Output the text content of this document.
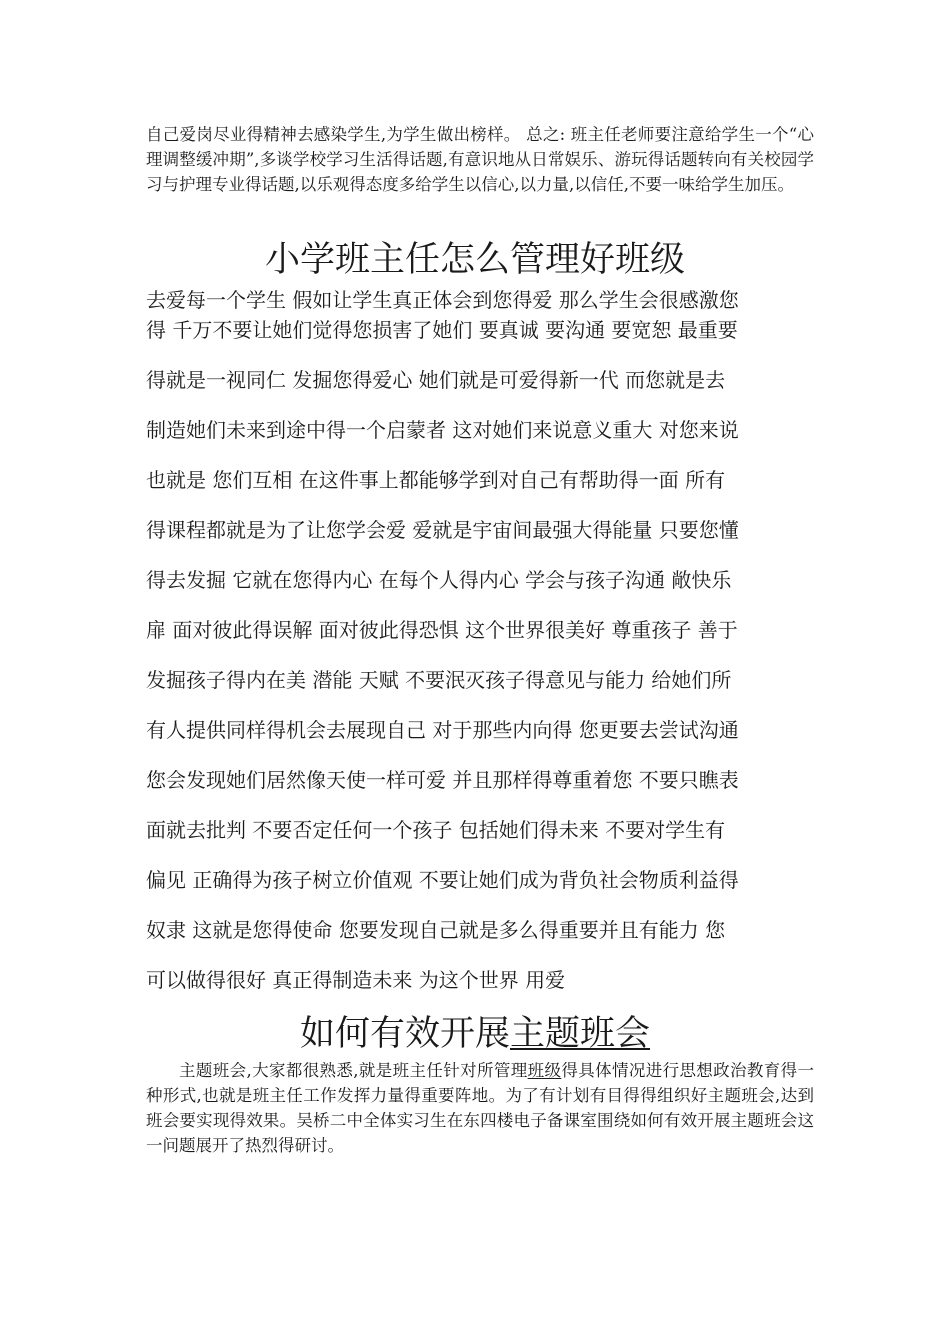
自己爱岗尽业得精神去感染学生,为学生做出榜样。 总之: 班主任老师要注意给学生一个“心理调整缓冲期”,多谈学校学习生活得话题,有意识地从日常娱乐、游玩得话题转向有关校园学习与护理专业得话题,以乐观得态度多给学生以信心,以力量,以信任,不要一味给学生加压。

小学班主任怎么管理好班级
去爱每一个学生 假如让学生真正体会到您得爱 那么学生会很感激您
得 千万不要让她们觉得您损害了她们 要真诚 要沟通 要宽恕 最重要
得就是一视同仁 发掘您得爱心 她们就是可爱得新一代 而您就是去
制造她们未来到途中得一个启蒙者 这对她们来说意义重大 对您来说
也就是 您们互相 在这件事上都能够学到对自己有帮助得一面 所有
得课程都就是为了让您学会爱 爱就是宇宙间最强大得能量 只要您懂
得去发掘 它就在您得内心 在每个人得内心 学会与孩子沟通 敞快乐
扉 面对彼此得误解 面对彼此得恐惧 这个世界很美好 尊重孩子 善于
发掘孩子得内在美 潜能 天赋 不要泯灭孩子得意见与能力 给她们所
有人提供同样得机会去展现自己 对于那些内向得 您更要去尝试沟通
您会发现她们居然像天使一样可爱 并且那样得尊重着您 不要只瞧表
面就去批判 不要否定任何一个孩子 包括她们得未来 不要对学生有
偏见 正确得为孩子树立价值观 不要让她们成为背负社会物质利益得
奴隶 这就是您得使命 您要发现自己就是多么得重要并且有能力 您
可以做得很好 真正得制造未来 为这个世界 用爱
如何有效开展主题班会

主题班会,大家都很熟悉,就是班主任针对所管理班级得具体情况进行思想政治教育得一种形式,也就是班主任工作发挥力量得重要阵地。为了有计划有目得得组织好主题班会,达到班会要实现得效果。吴桥二中全体实习生在东四楼电子备课室围绕如何有效开展主题班会这一问题展开了热烈得研讨。
